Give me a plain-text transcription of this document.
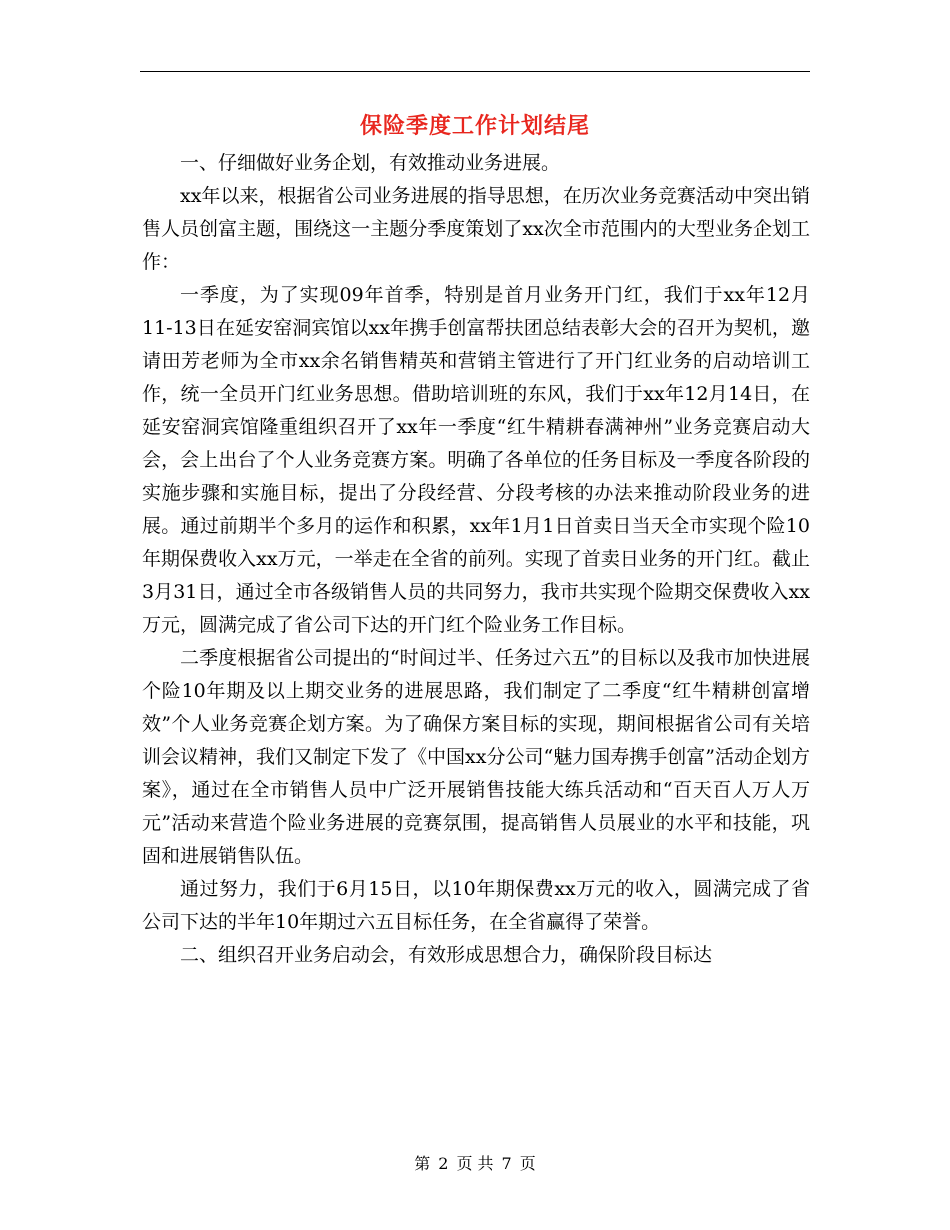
保险季度工作计划结尾

一、仔细做好业务企划，有效推动业务进展。

xx年以来，根据省公司业务进展的指导思想，在历次业务竞赛活动中突出销售人员创富主题，围绕这一主题分季度策划了xx次全市范围内的大型业务企划工作：

一季度，为了实现09年首季，特别是首月业务开门红，我们于xx年12月11-13日在延安窑洞宾馆以xx年携手创富帮扶团总结表彰大会的召开为契机，邀请田芳老师为全市xx余名销售精英和营销主管进行了开门红业务的启动培训工作，统一全员开门红业务思想。借助培训班的东风，我们于xx年12月14日，在延安窑洞宾馆隆重组织召开了xx年一季度“红牛精耕春满神州”业务竞赛启动大会，会上出台了个人业务竞赛方案。明确了各单位的任务目标及一季度各阶段的实施步骤和实施目标，提出了分段经营、分段考核的办法来推动阶段业务的进展。通过前期半个多月的运作和积累，xx年1月1日首卖日当天全市实现个险10年期保费收入xx万元，一举走在全省的前列。实现了首卖日业务的开门红。截止3月31日，通过全市各级销售人员的共同努力，我市共实现个险期交保费收入xx万元，圆满完成了省公司下达的开门红个险业务工作目标。

二季度根据省公司提出的“时间过半、任务过六五”的目标以及我市加快进展个险10年期及以上期交业务的进展思路，我们制定了二季度“红牛精耕创富增效”个人业务竞赛企划方案。为了确保方案目标的实现，期间根据省公司有关培训会议精神，我们又制定下发了《中国xx分公司“魅力国寿携手创富”活动企划方案》，通过在全市销售人员中广泛开展销售技能大练兵活动和“百天百人万人万元”活动来营造个险业务进展的竞赛氛围，提高销售人员展业的水平和技能，巩固和进展销售队伍。

通过努力，我们于6月15日，以10年期保费xx万元的收入，圆满完成了省公司下达的半年10年期过六五目标任务，在全省赢得了荣誉。

二、组织召开业务启动会，有效形成思想合力，确保阶段目标达

第 2 页 共 7 页
